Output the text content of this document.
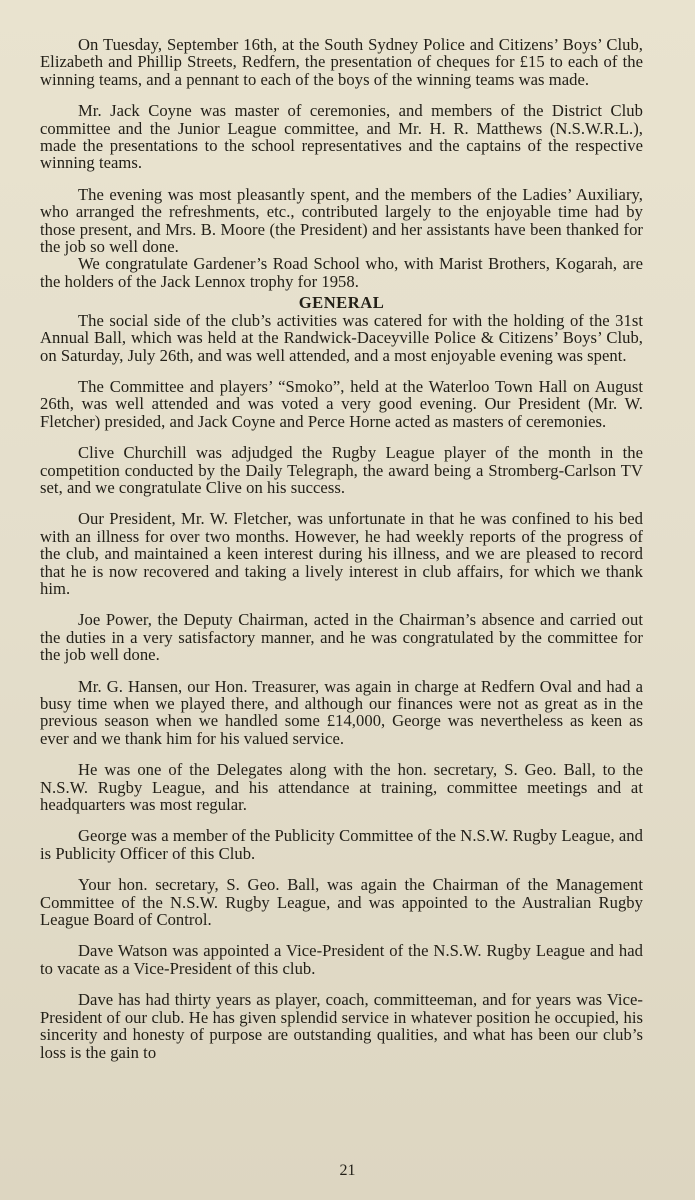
On Tuesday, September 16th, at the South Sydney Police and Citizens’ Boys’ Club, Elizabeth and Phillip Streets, Redfern, the presentation of cheques for £15 to each of the winning teams, and a pennant to each of the boys of the winning teams was made.

Mr. Jack Coyne was master of ceremonies, and members of the District Club committee and the Junior League committee, and Mr. H. R. Matthews (N.S.W.R.L.), made the presentations to the school representatives and the captains of the respective winning teams.

The evening was most pleasantly spent, and the members of the Ladies’ Auxiliary, who arranged the refreshments, etc., contributed largely to the enjoyable time had by those present, and Mrs. B. Moore (the President) and her assistants have been thanked for the job so well done.

We congratulate Gardener’s Road School who, with Marist Brothers, Kogarah, are the holders of the Jack Lennox trophy for 1958.

GENERAL

The social side of the club’s activities was catered for with the holding of the 31st Annual Ball, which was held at the Randwick-Daceyville Police & Citizens’ Boys’ Club, on Saturday, July 26th, and was well attended, and a most enjoyable evening was spent.

The Committee and players’ “Smoko”, held at the Waterloo Town Hall on August 26th, was well attended and was voted a very good evening. Our President (Mr. W. Fletcher) presided, and Jack Coyne and Perce Horne acted as masters of ceremonies.

Clive Churchill was adjudged the Rugby League player of the month in the competition conducted by the Daily Telegraph, the award being a Stromberg-Carlson TV set, and we congratulate Clive on his success.

Our President, Mr. W. Fletcher, was unfortunate in that he was confined to his bed with an illness for over two months. However, he had weekly reports of the progress of the club, and maintained a keen interest during his illness, and we are pleased to record that he is now recovered and taking a lively interest in club affairs, for which we thank him.

Joe Power, the Deputy Chairman, acted in the Chairman’s absence and carried out the duties in a very satisfactory manner, and he was congratulated by the committee for the job well done.

Mr. G. Hansen, our Hon. Treasurer, was again in charge at Redfern Oval and had a busy time when we played there, and although our finances were not as great as in the previous season when we handled some £14,000, George was nevertheless as keen as ever and we thank him for his valued service.

He was one of the Delegates along with the hon. secretary, S. Geo. Ball, to the N.S.W. Rugby League, and his attendance at training, committee meetings and at headquarters was most regular.

George was a member of the Publicity Committee of the N.S.W. Rugby League, and is Publicity Officer of this Club.

Your hon. secretary, S. Geo. Ball, was again the Chairman of the Management Committee of the N.S.W. Rugby League, and was appointed to the Australian Rugby League Board of Control.

Dave Watson was appointed a Vice-President of the N.S.W. Rugby League and had to vacate as a Vice-President of this club.

Dave has had thirty years as player, coach, committeeman, and for years was Vice-President of our club. He has given splendid service in whatever position he occupied, his sincerity and honesty of purpose are outstanding qualities, and what has been our club’s loss is the gain to

21
